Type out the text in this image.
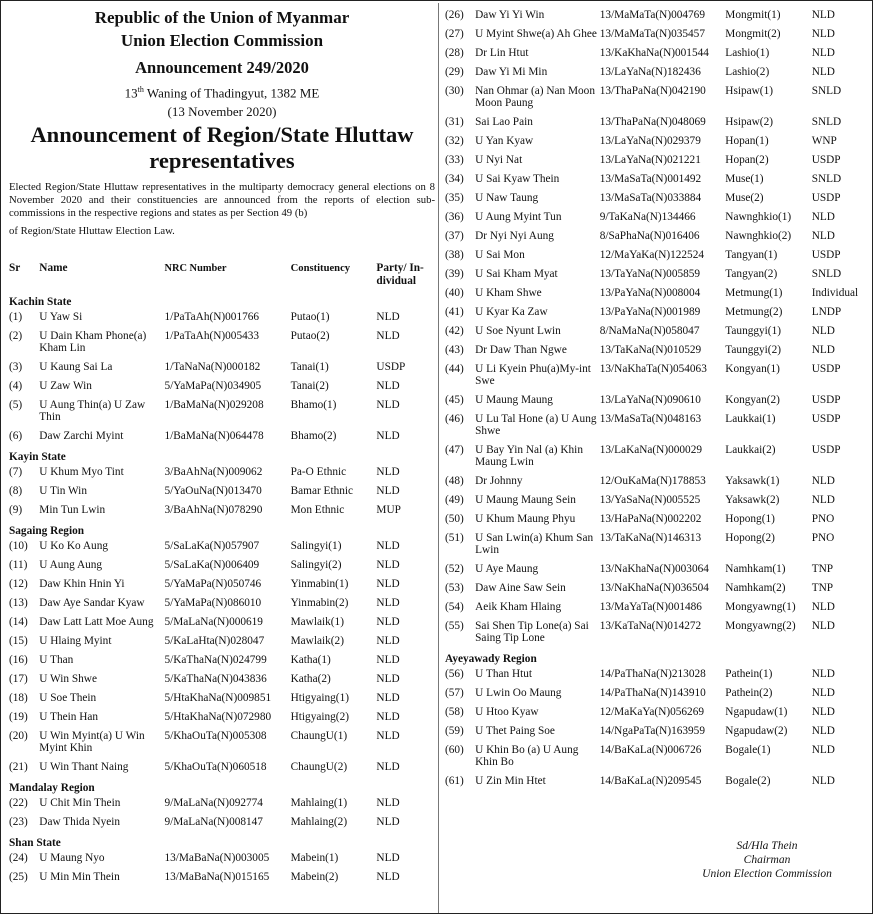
Republic of the Union of Myanmar
Union Election Commission
Announcement 249/2020
13th Waning of Thadingyut, 1382 ME
(13 November 2020)
Announcement of Region/State Hluttaw representatives
Elected Region/State Hluttaw representatives in the multiparty democracy general elections on 8 November 2020 and their constituencies are announced from the reports of election sub-commissions in the respective regions and states as per Section 49 (b)
of Region/State Hluttaw Election Law.
Sr	Name	NRC Number	Constituency	Party/ In-dividual
Kachin State				
(1)	U Yaw Si	1/PaTaAh(N)001766	Putao(1)	NLD
(2)	U Dain Kham Phone(a) Kham Lin	1/PaTaAh(N)005433	Putao(2)	NLD
(3)	U Kaung Sai La	1/TaNaNa(N)000182	Tanai(1)	USDP
(4)	U Zaw Win	5/YaMaPa(N)034905	Tanai(2)	NLD
(5)	U Aung Thin(a) U Zaw Thin	1/BaMaNa(N)029208	Bhamo(1)	NLD
(6)	Daw Zarchi Myint	1/BaMaNa(N)064478	Bhamo(2)	NLD
Kayin State				
(7)	U Khum Myo Tint	3/BaAhNa(N)009062	Pa-O Ethnic	NLD
(8)	U Tin Win	5/YaOuNa(N)013470	Bamar Ethnic	NLD
(9)	Min Tun Lwin	3/BaAhNa(N)078290	Mon Ethnic	MUP
Sagaing Region				
(10)	U Ko Ko Aung	5/SaLaKa(N)057907	Salingyi(1)	NLD
(11)	U Aung Aung	5/SaLaKa(N)006409	Salingyi(2)	NLD
(12)	Daw Khin Hnin Yi	5/YaMaPa(N)050746	Yinmabin(1)	NLD
(13)	Daw Aye Sandar Kyaw	5/YaMaPa(N)086010	Yinmabin(2)	NLD
(14)	Daw Latt Latt Moe Aung	5/MaLaNa(N)000619	Mawlaik(1)	NLD
(15)	U Hlaing Myint	5/KaLaHta(N)028047	Mawlaik(2)	NLD
(16)	U Than	5/KaThaNa(N)024799	Katha(1)	NLD
(17)	U Win Shwe	5/KaThaNa(N)043836	Katha(2)	NLD
(18)	U Soe Thein	5/HtaKhaNa(N)009851	Htigyaing(1)	NLD
(19)	U Thein Han	5/HtaKhaNa(N)072980	Htigyaing(2)	NLD
(20)	U Win Myint(a) U Win Myint Khin	5/KhaOuTa(N)005308	ChaungU(1)	NLD
(21)	U Win Thant Naing	5/KhaOuTa(N)060518	ChaungU(2)	NLD
Mandalay Region				
(22)	U Chit Min Thein	9/MaLaNa(N)092774	Mahlaing(1)	NLD
(23)	Daw Thida Nyein	9/MaLaNa(N)008147	Mahlaing(2)	NLD
Shan State				
(24)	U Maung Nyo	13/MaBaNa(N)003005	Mabein(1)	NLD
(25)	U Min Min Thein	13/MaBaNa(N)015165	Mabein(2)	NLD
(26)	Daw Yi Yi Win	13/MaMaTa(N)004769	Mongmit(1)	NLD
(27)	U Myint Shwe(a) Ah Ghee	13/MaMaTa(N)035457	Mongmit(2)	NLD
(28)	Dr Lin Htut	13/KaKhaNa(N)001544	Lashio(1)	NLD
(29)	Daw Yi Mi Min	13/LaYaNa(N)182436	Lashio(2)	NLD
(30)	Nan Ohmar (a) Nan Moon Moon Paung	13/ThaPaNa(N)042190	Hsipaw(1)	SNLD
(31)	Sai Lao Pain	13/ThaPaNa(N)048069	Hsipaw(2)	SNLD
(32)	U Yan Kyaw	13/LaYaNa(N)029379	Hopan(1)	WNP
(33)	U Nyi Nat	13/LaYaNa(N)021221	Hopan(2)	USDP
(34)	U Sai Kyaw Thein	13/MaSaTa(N)001492	Muse(1)	SNLD
(35)	U Naw Taung	13/MaSaTa(N)033884	Muse(2)	USDP
(36)	U Aung Myint Tun	9/TaKaNa(N)134466	Nawnghkio(1)	NLD
(37)	Dr Nyi Nyi Aung	8/SaPhaNa(N)016406	Nawnghkio(2)	NLD
(38)	U Sai Mon	12/MaYaKa(N)122524	Tangyan(1)	USDP
(39)	U Sai Kham Myat	13/TaYaNa(N)005859	Tangyan(2)	SNLD
(40)	U Kham Shwe	13/PaYaNa(N)008004	Metmung(1)	Individual
(41)	U Kyar Ka Zaw	13/PaYaNa(N)001989	Metmung(2)	LNDP
(42)	U Soe Nyunt Lwin	8/NaMaNa(N)058047	Taunggyi(1)	NLD
(43)	Dr Daw Than Ngwe	13/TaKaNa(N)010529	Taunggyi(2)	NLD
(44)	U Li Kyein Phu(a)My-int Swe	13/NaKhaTa(N)054063	Kongyan(1)	USDP
(45)	U Maung Maung	13/LaYaNa(N)090610	Kongyan(2)	USDP
(46)	U Lu Tal Hone (a) U Aung Shwe	13/MaSaTa(N)048163	Laukkai(1)	USDP
(47)	U Bay Yin Nal (a) Khin Maung Lwin	13/LaKaNa(N)000029	Laukkai(2)	USDP
(48)	Dr Johnny	12/OuKaMa(N)178853	Yaksawk(1)	NLD
(49)	U Maung Maung Sein	13/YaSaNa(N)005525	Yaksawk(2)	NLD
(50)	U Khum Maung Phyu	13/HaPaNa(N)002202	Hopong(1)	PNO
(51)	U San Lwin(a) Khum San Lwin	13/TaKaNa(N)146313	Hopong(2)	PNO
(52)	U Aye Maung	13/NaKhaNa(N)003064	Namhkam(1)	TNP
(53)	Daw Aine Saw Sein	13/NaKhaNa(N)036504	Namhkam(2)	TNP
(54)	Aeik Kham Hlaing	13/MaYaTa(N)001486	Mongyawng(1)	NLD
(55)	Sai Shen Tip Lone(a) Sai Saing Tip Lone	13/KaTaNa(N)014272	Mongyawng(2)	NLD
Ayeyawady Region				
(56)	U Than Htut	14/PaThaNa(N)213028	Pathein(1)	NLD
(57)	U Lwin Oo Maung	14/PaThaNa(N)143910	Pathein(2)	NLD
(58)	U Htoo Kyaw	12/MaKaYa(N)056269	Ngapudaw(1)	NLD
(59)	U Thet Paing Soe	14/NgaPaTa(N)163959	Ngapudaw(2)	NLD
(60)	U Khin Bo (a) U Aung Khin Bo	14/BaKaLa(N)006726	Bogale(1)	NLD
(61)	U Zin Min Htet	14/BaKaLa(N)209545	Bogale(2)	NLD
Sd/Hla Thein
Chairman
Union Election Commission
